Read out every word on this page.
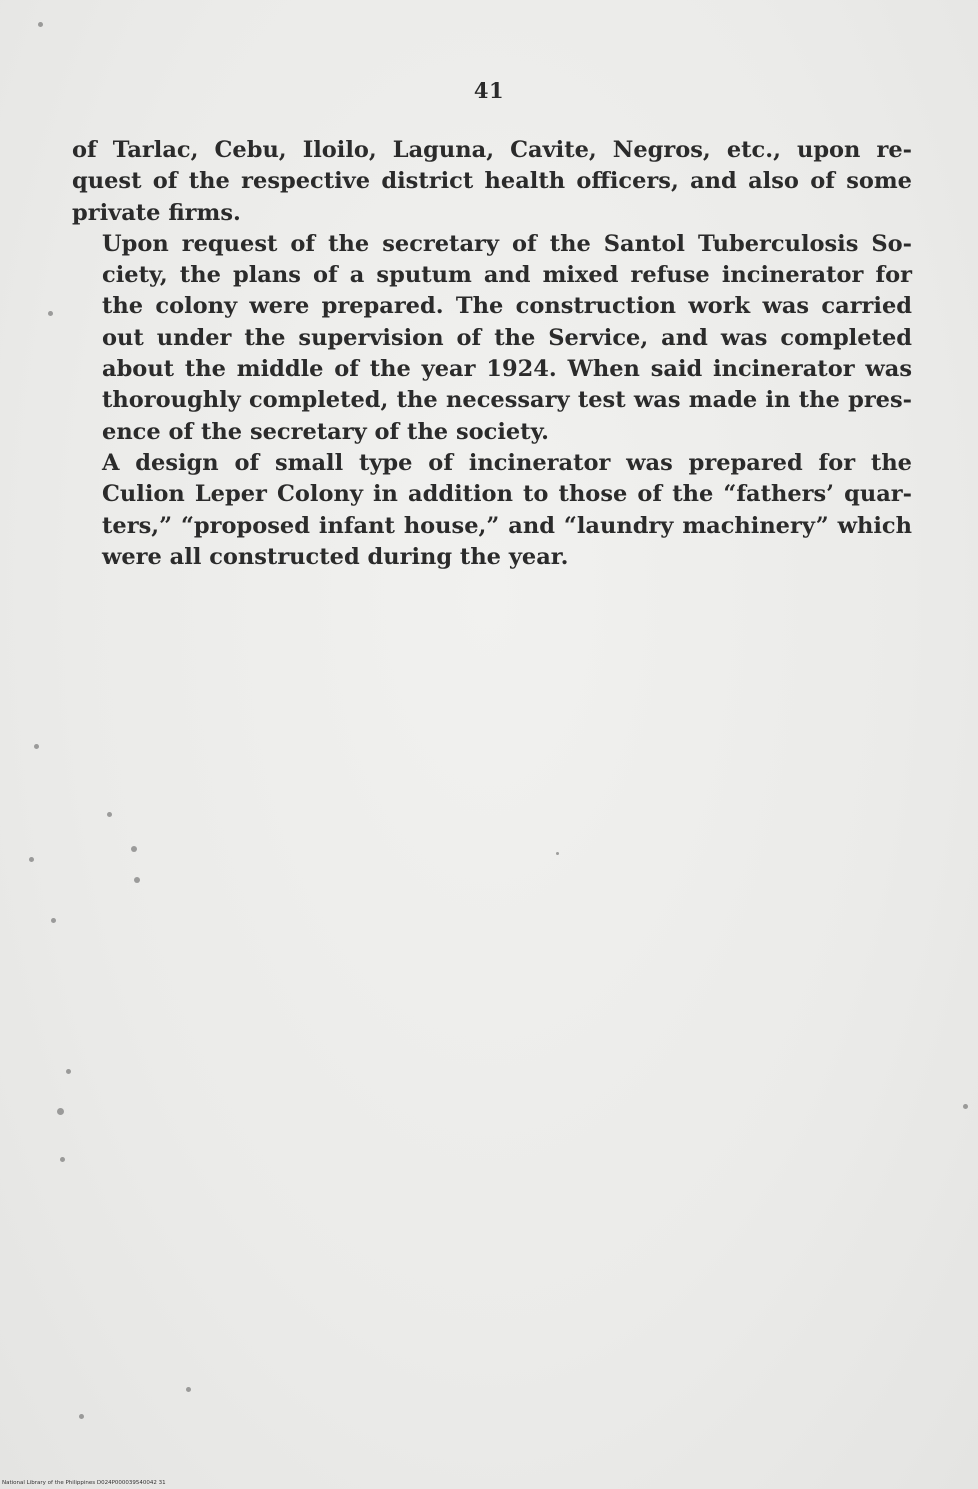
41

of Tarlac, Cebu, Iloilo, Laguna, Cavite, Negros, etc., upon re-
quest of the respective district health officers, and also of some
private firms.

Upon request of the secretary of the Santol Tuberculosis So-
ciety, the plans of a sputum and mixed refuse incinerator for
the colony were prepared. The construction work was carried
out under the supervision of the Service, and was completed
about the middle of the year 1924. When said incinerator was
thoroughly completed, the necessary test was made in the pres-
ence of the secretary of the society.

A design of small type of incinerator was prepared for the
Culion Leper Colony in addition to those of the “fathers’ quar-
ters,” “proposed infant house,” and “laundry machinery” which
were all constructed during the year.

National Library of the Philippines D024P000039540042 31
